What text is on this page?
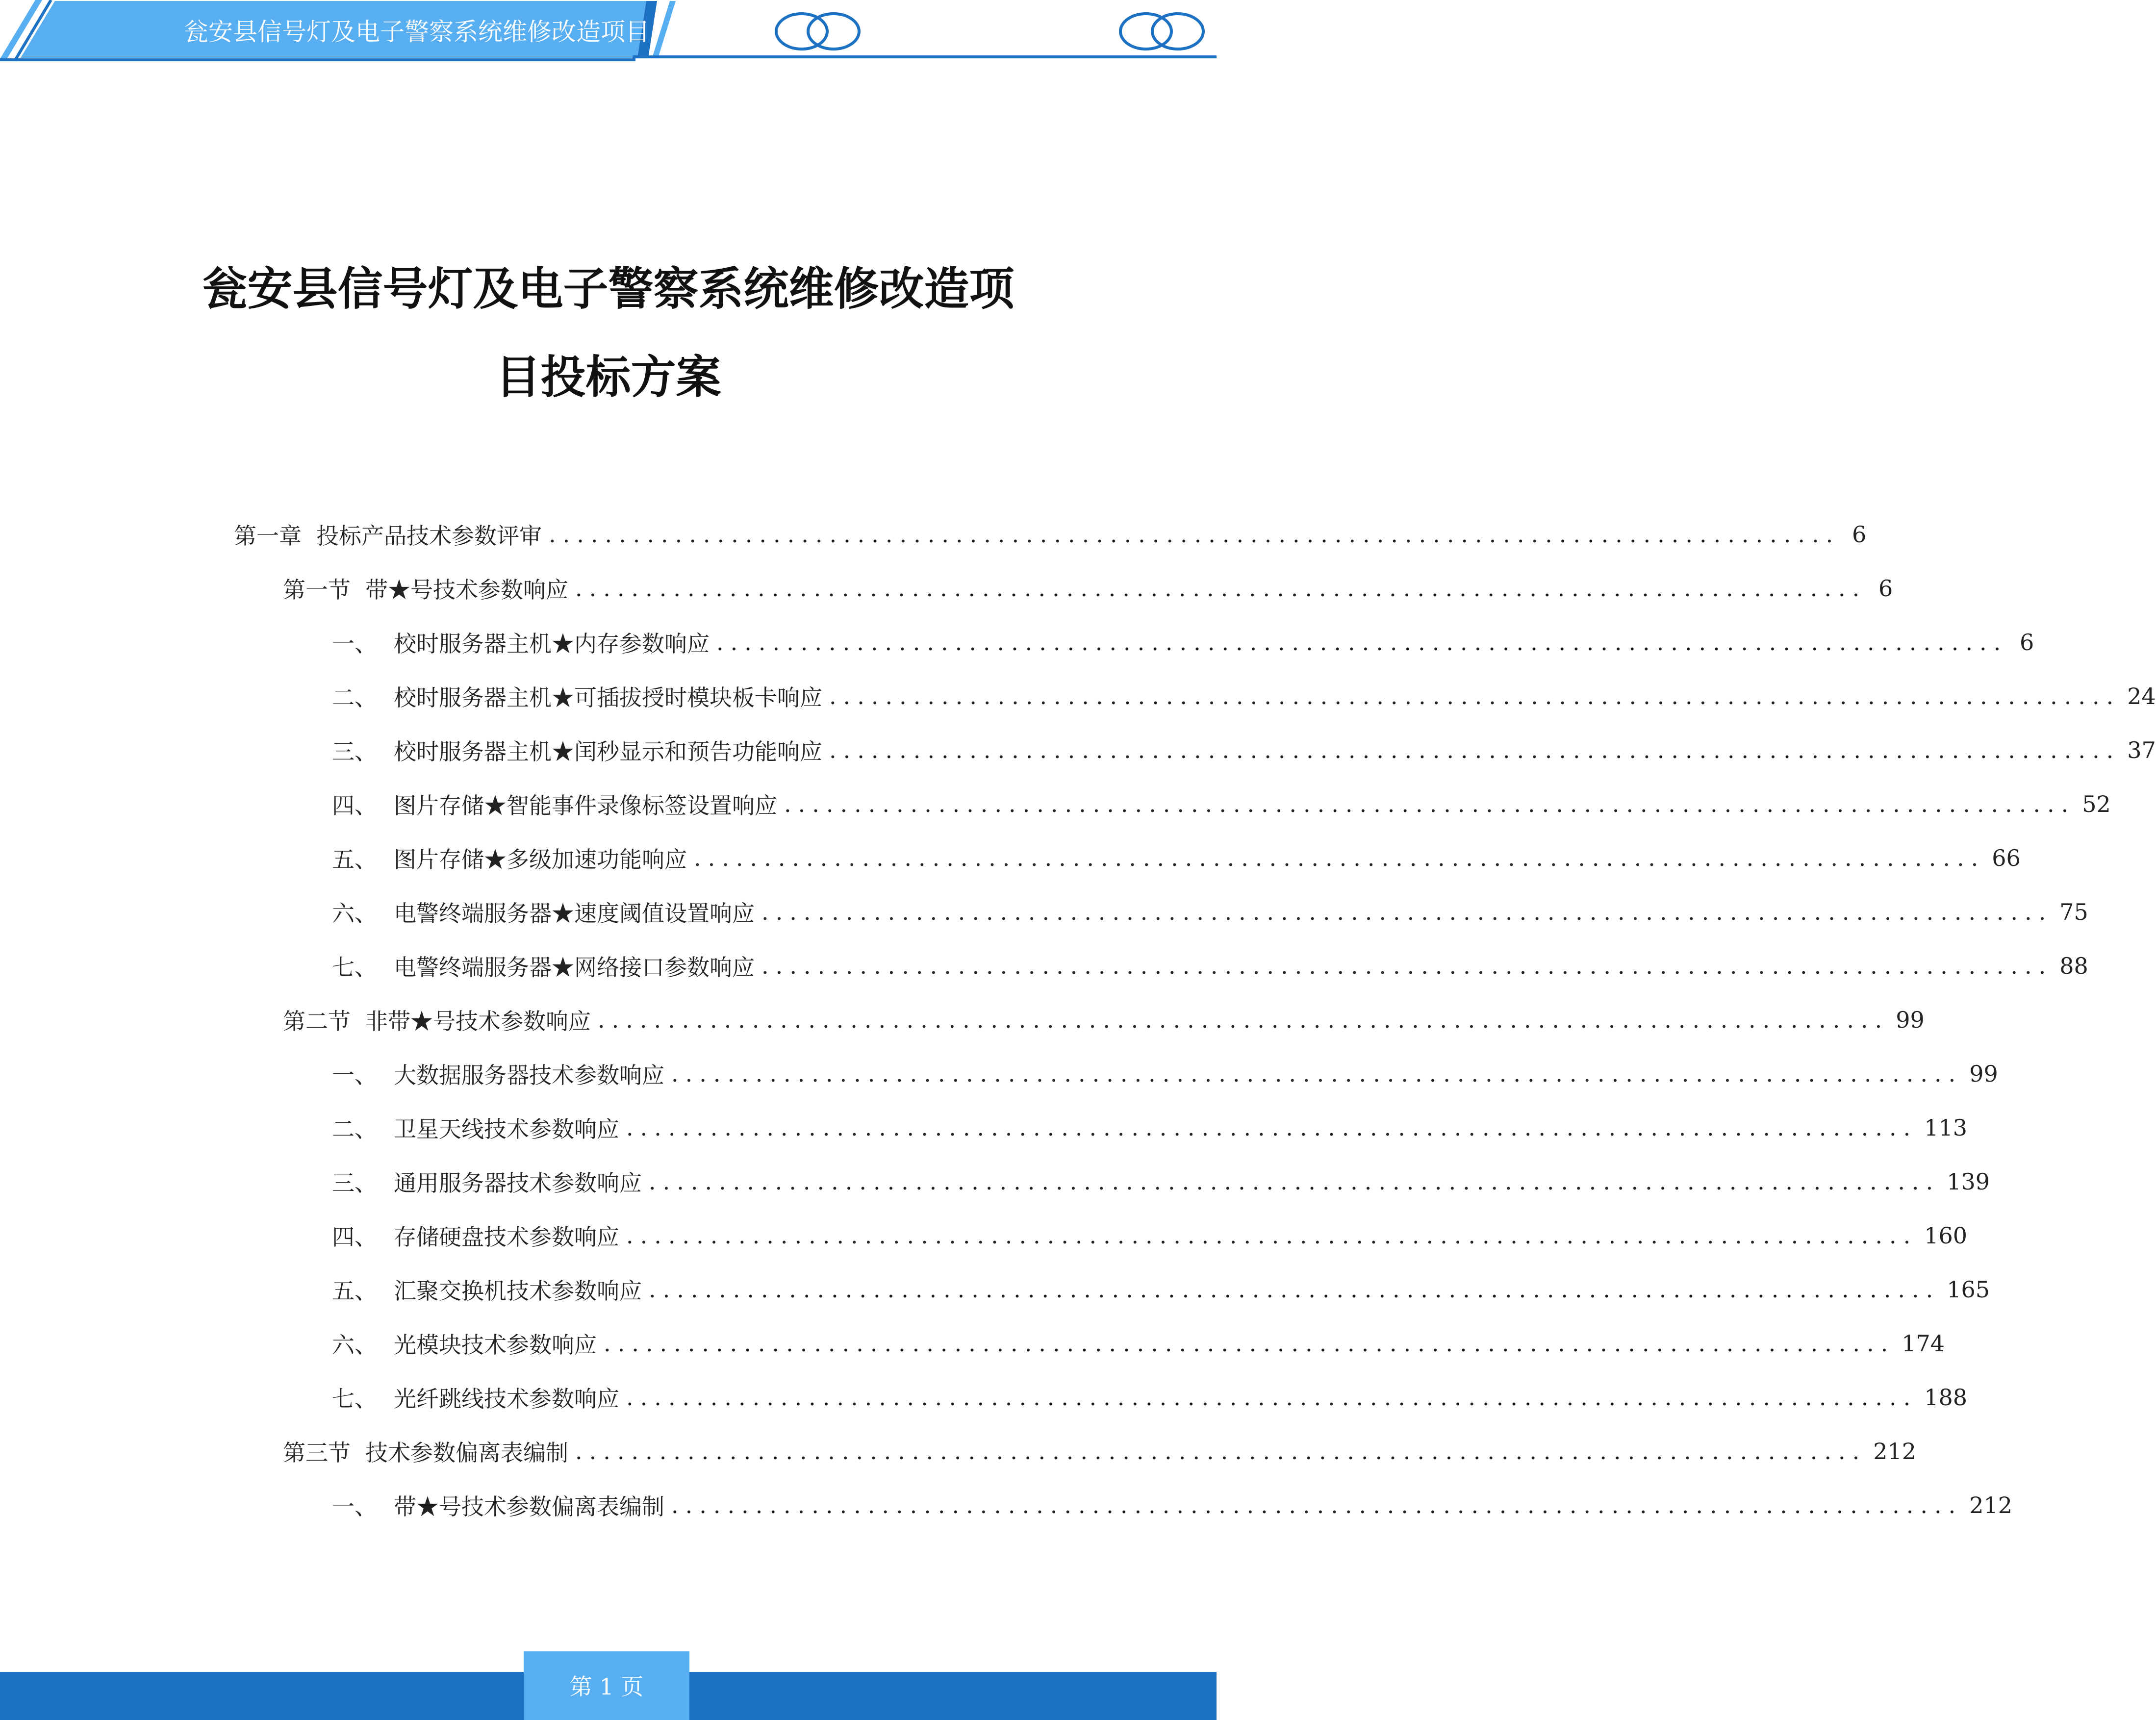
瓮安县信号灯及电子警察系统维修改造项目
瓮安县信号灯及电子警察系统维修改造项
目投标方案
第一章 投标产品技术参数评审 ............................................................................................ 6
第一节 带★号技术参数响应 ............................................................................................ 6
一、 校时服务器主机★内存参数响应 ............................................................................................ 6
二、 校时服务器主机★可插拔授时模块板卡响应 ............................................................................................ 24
三、 校时服务器主机★闰秒显示和预告功能响应 ............................................................................................ 37
四、 图片存储★智能事件录像标签设置响应 ............................................................................................ 52
五、 图片存储★多级加速功能响应 ............................................................................................ 66
六、 电警终端服务器★速度阈值设置响应 ............................................................................................ 75
七、 电警终端服务器★网络接口参数响应 ............................................................................................ 88
第二节 非带★号技术参数响应 ............................................................................................ 99
一、 大数据服务器技术参数响应 ............................................................................................ 99
二、 卫星天线技术参数响应 ............................................................................................ 113
三、 通用服务器技术参数响应 ............................................................................................ 139
四、 存储硬盘技术参数响应 ............................................................................................ 160
五、 汇聚交换机技术参数响应 ............................................................................................ 165
六、 光模块技术参数响应 ............................................................................................ 174
七、 光纤跳线技术参数响应 ............................................................................................ 188
第三节 技术参数偏离表编制 ............................................................................................ 212
一、 带★号技术参数偏离表编制 ............................................................................................ 212
第 1 页
